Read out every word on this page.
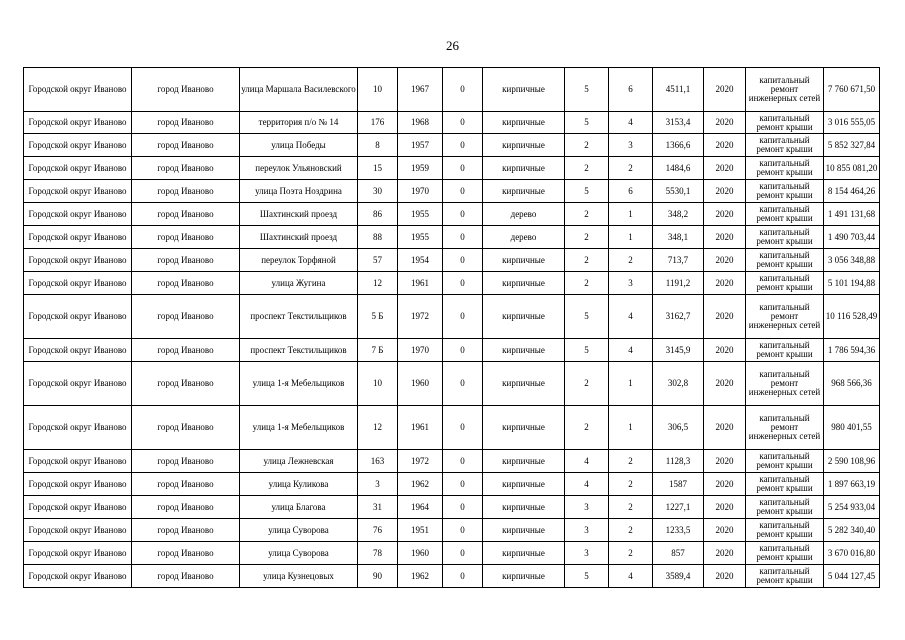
26
Городской округ Иваново	город Иваново	улица Маршала Василевского	10	1967	0	кирпичные	5	6	4511,1	2020	капитальный ремонт инженерных сетей	7 760 671,50
Городской округ Иваново	город Иваново	территория п/о № 14	176	1968	0	кирпичные	5	4	3153,4	2020	капитальный ремонт крыши	3 016 555,05
Городской округ Иваново	город Иваново	улица Победы	8	1957	0	кирпичные	2	3	1366,6	2020	капитальный ремонт крыши	5 852 327,84
Городской округ Иваново	город Иваново	переулок Ульяновский	15	1959	0	кирпичные	2	2	1484,6	2020	капитальный ремонт крыши	10 855 081,20
Городской округ Иваново	город Иваново	улица Поэта Ноздрина	30	1970	0	кирпичные	5	6	5530,1	2020	капитальный ремонт крыши	8 154 464,26
Городской округ Иваново	город Иваново	Шахтинский проезд	86	1955	0	дерево	2	1	348,2	2020	капитальный ремонт крыши	1 491 131,68
Городской округ Иваново	город Иваново	Шахтинский проезд	88	1955	0	дерево	2	1	348,1	2020	капитальный ремонт крыши	1 490 703,44
Городской округ Иваново	город Иваново	переулок Торфяной	57	1954	0	кирпичные	2	2	713,7	2020	капитальный ремонт крыши	3 056 348,88
Городской округ Иваново	город Иваново	улица Жугина	12	1961	0	кирпичные	2	3	1191,2	2020	капитальный ремонт крыши	5 101 194,88
Городской округ Иваново	город Иваново	проспект Текстильщиков	5 Б	1972	0	кирпичные	5	4	3162,7	2020	капитальный ремонт инженерных сетей	10 116 528,49
Городской округ Иваново	город Иваново	проспект Текстильщиков	7 Б	1970	0	кирпичные	5	4	3145,9	2020	капитальный ремонт крыши	1 786 594,36
Городской округ Иваново	город Иваново	улица 1-я Мебельщиков	10	1960	0	кирпичные	2	1	302,8	2020	капитальный ремонт инженерных сетей	968 566,36
Городской округ Иваново	город Иваново	улица 1-я Мебельщиков	12	1961	0	кирпичные	2	1	306,5	2020	капитальный ремонт инженерных сетей	980 401,55
Городской округ Иваново	город Иваново	улица Лежневская	163	1972	0	кирпичные	4	2	1128,3	2020	капитальный ремонт крыши	2 590 108,96
Городской округ Иваново	город Иваново	улица Куликова	3	1962	0	кирпичные	4	2	1587	2020	капитальный ремонт крыши	1 897 663,19
Городской округ Иваново	город Иваново	улица Благова	31	1964	0	кирпичные	3	2	1227,1	2020	капитальный ремонт крыши	5 254 933,04
Городской округ Иваново	город Иваново	улица Суворова	76	1951	0	кирпичные	3	2	1233,5	2020	капитальный ремонт крыши	5 282 340,40
Городской округ Иваново	город Иваново	улица Суворова	78	1960	0	кирпичные	3	2	857	2020	капитальный ремонт крыши	3 670 016,80
Городской округ Иваново	город Иваново	улица Кузнецовых	90	1962	0	кирпичные	5	4	3589,4	2020	капитальный ремонт крыши	5 044 127,45
